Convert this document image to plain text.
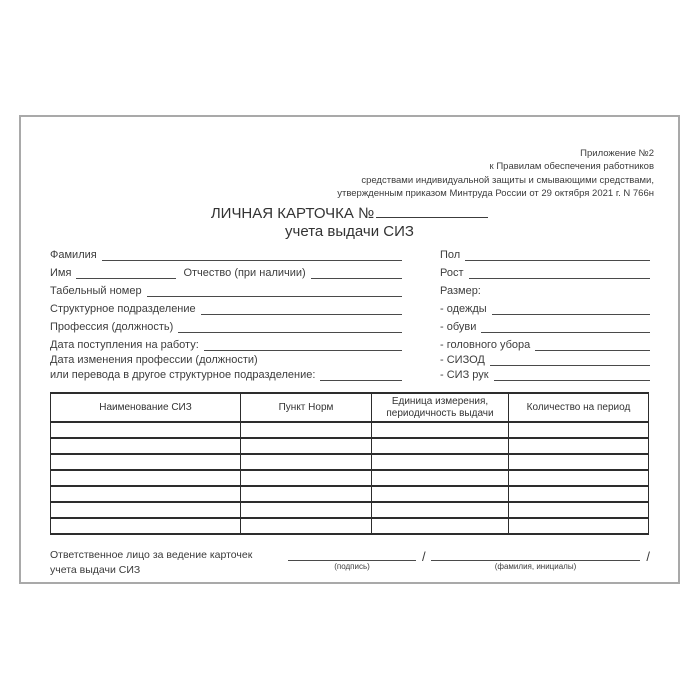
Приложение №2
к Правилам обеспечения работников
средствами индивидуальной защиты и смывающими средствами,
утвержденным приказом Минтруда России от 29 октября 2021 г. N 766н
ЛИЧНАЯ КАРТОЧКА №
учета выдачи СИЗ
Фамилия
Имя	Отчество (при наличии)
Табельный номер
Структурное подразделение
Профессия (должность)
Дата поступления на работу:
Дата изменения профессии (должности)
или перевода в другое структурное подразделение:
Пол
Рост
Размер:
- одежды
- обуви
- головного убора
- СИЗОД
- СИЗ рук
Наименование СИЗ	Пункт Норм	Единица измерения, периодичность выдачи	Количество на период

Ответственное лицо за ведение карточек
учета выдачи СИЗ	(подпись)
/
(фамилия, инициалы)
/
